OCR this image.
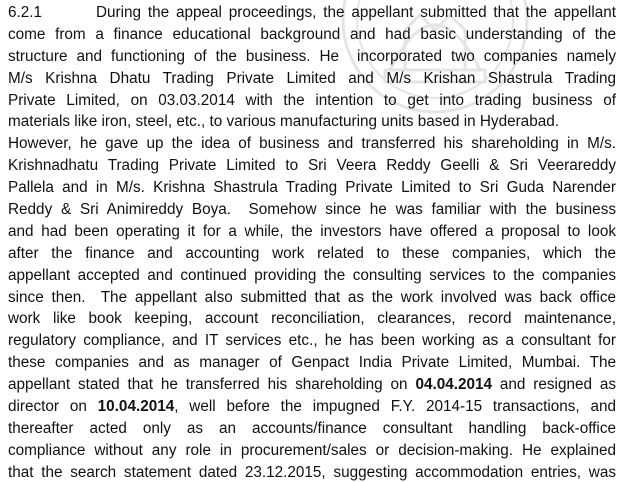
6.2.1	During the appeal proceedings, the appellant submitted that the appellant
come from a finance educational background and had basic understanding of the
structure and functioning of the business. He  incorporated two companies namely
M/s Krishna Dhatu Trading Private Limited and M/s Krishan Shastrula Trading
Private Limited, on 03.03.2014 with the intention to get into trading business of
materials like iron, steel, etc., to various manufacturing units based in Hyderabad.
However, he gave up the idea of business and transferred his shareholding in M/s.
Krishnadhatu Trading Private Limited to Sri Veera Reddy Geelli & Sri Veerareddy
Pallela and in M/s. Krishna Shastrula Trading Private Limited to Sri Guda Narender
Reddy & Sri Animireddy Boya.  Somehow since he was familiar with the business
and had been operating it for a while, the investors have offered a proposal to look
after the finance and accounting work related to these companies, which the
appellant accepted and continued providing the consulting services to the companies
since then.  The appellant also submitted that as the work involved was back office
work like book keeping, account reconciliation, clearances, record maintenance,
regulatory compliance, and IT services etc., he has been working as a consultant for
these companies and as manager of Genpact India Private Limited, Mumbai. The
appellant stated that he transferred his shareholding on 04.04.2014 and resigned as
director on 10.04.2014, well before the impugned F.Y. 2014-15 transactions, and
thereafter acted only as an accounts/finance consultant handling back-office
compliance without any role in procurement/sales or decision-making. He explained
that the search statement dated 23.12.2015, suggesting accommodation entries, was
